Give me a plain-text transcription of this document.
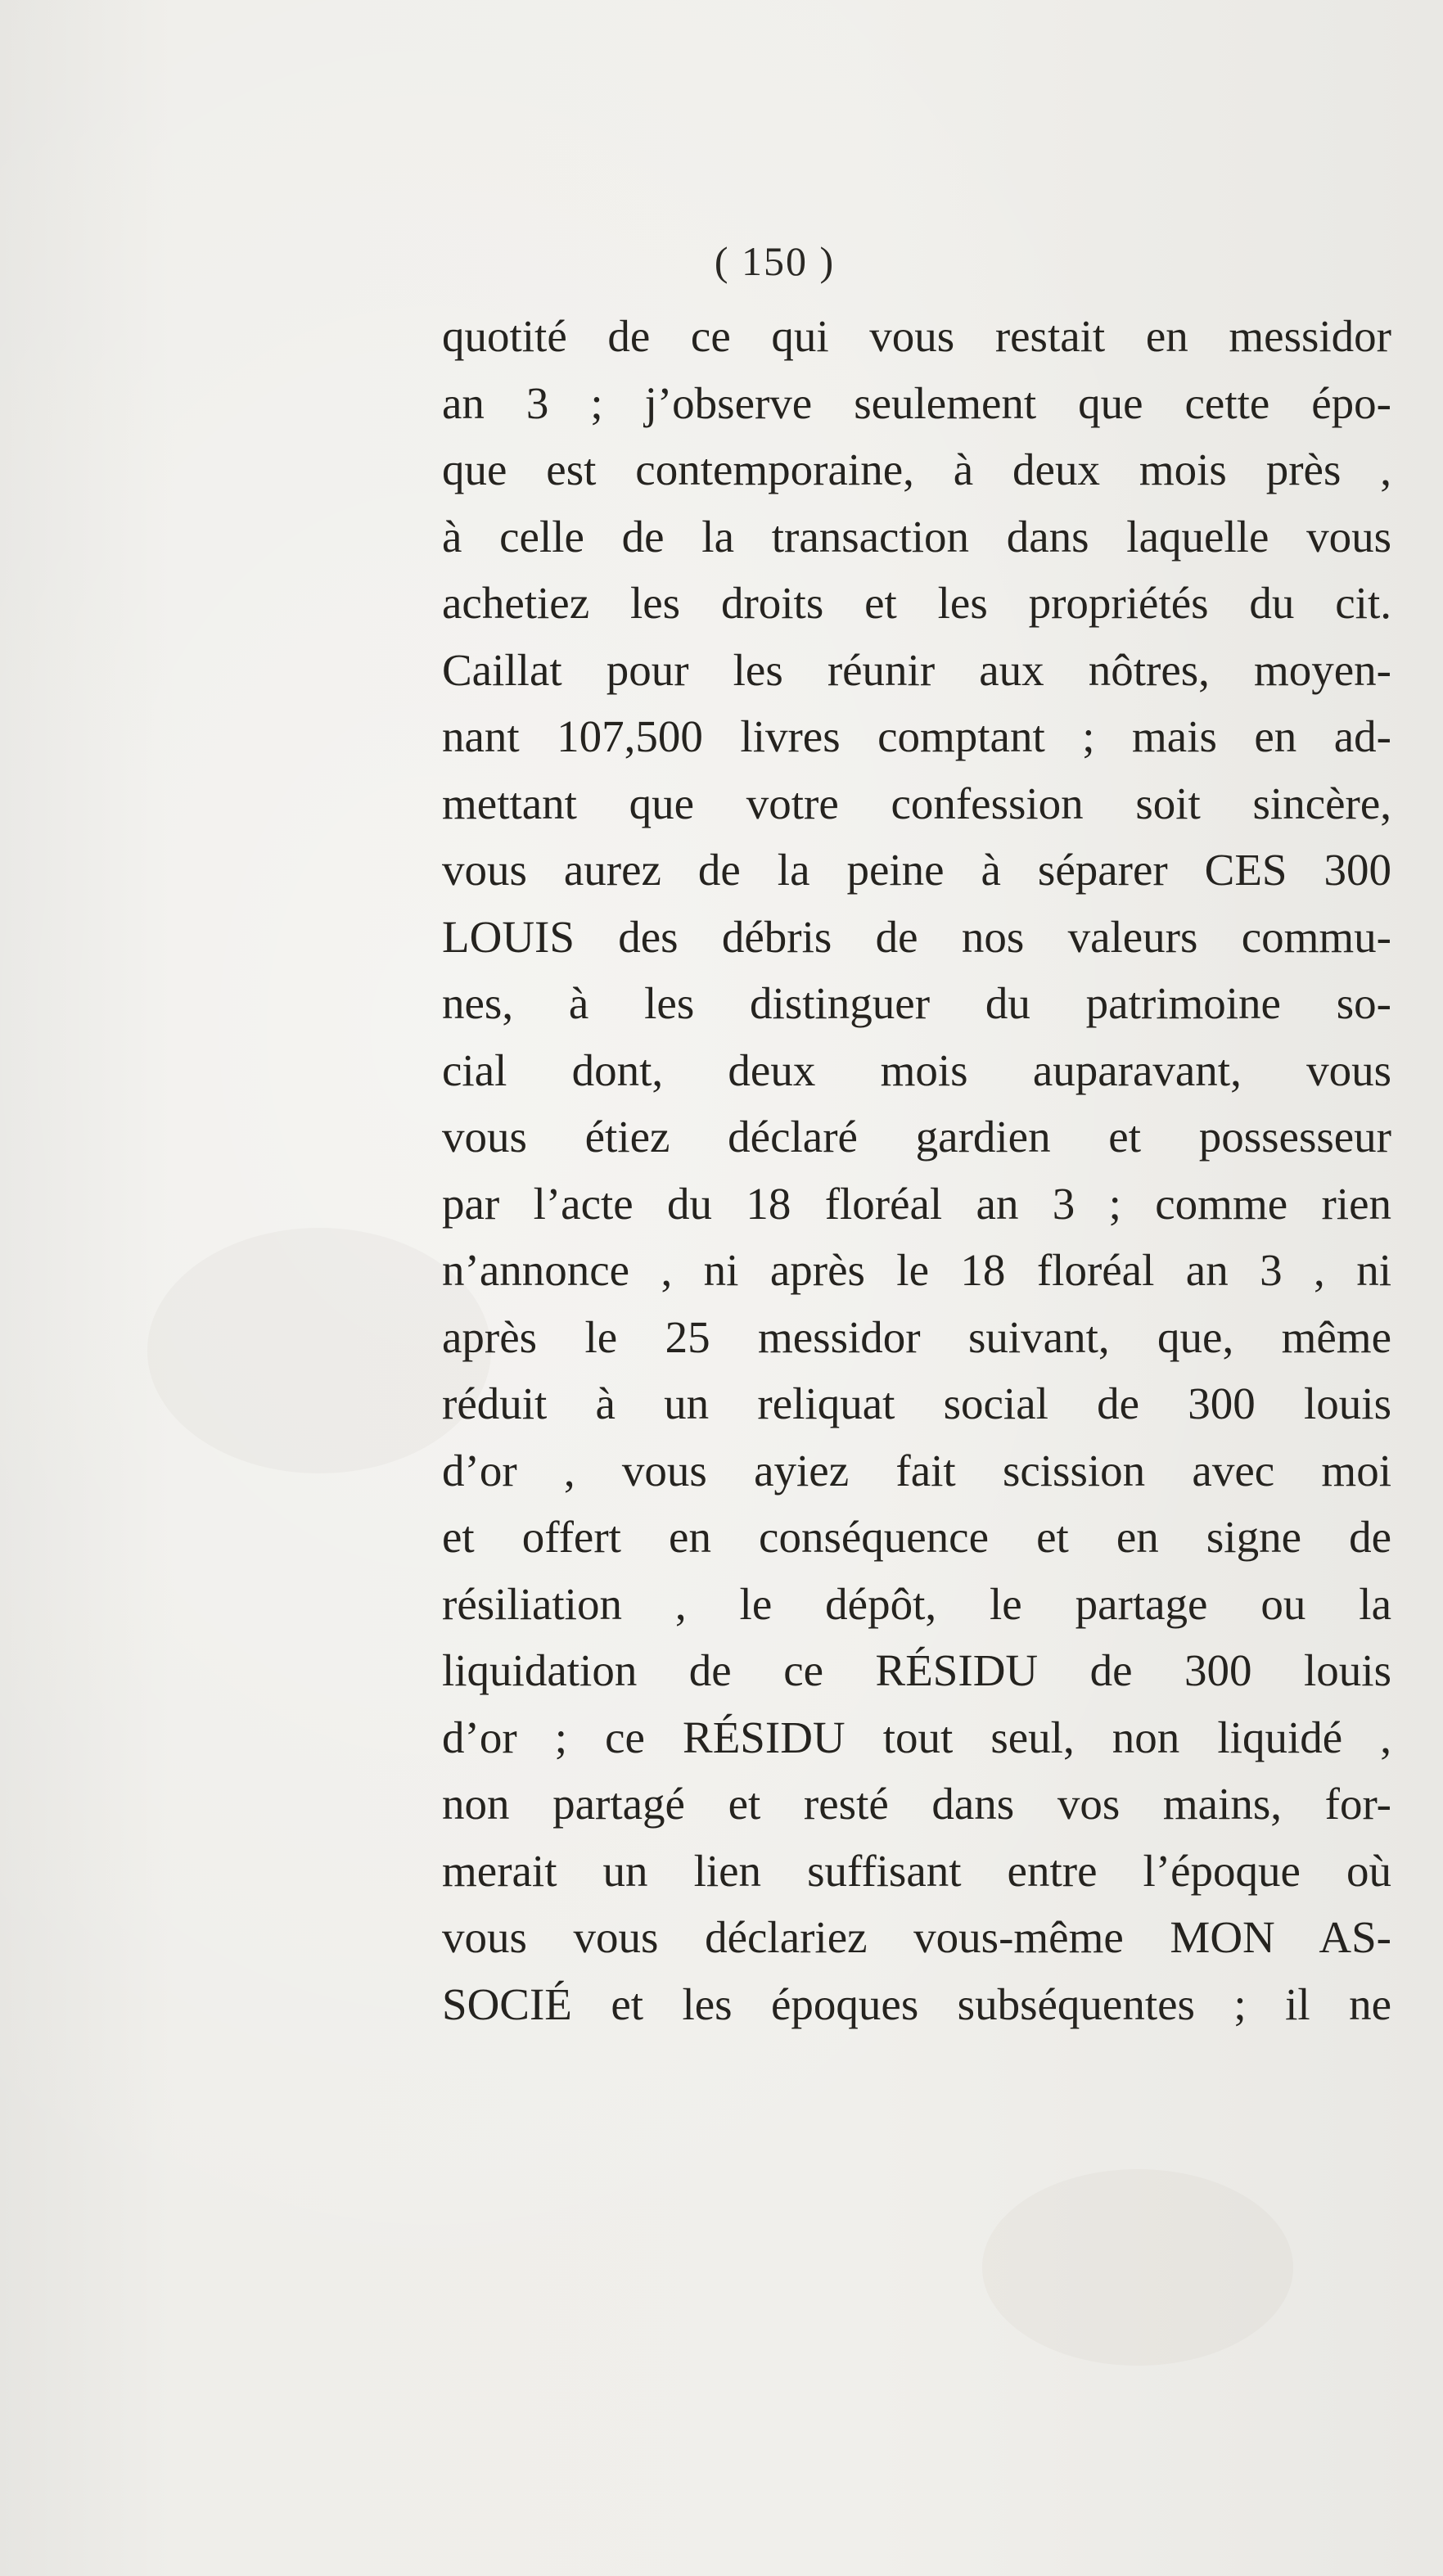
( 150 )
quotité de ce qui vous restait en messidor
an 3 ; j’observe seulement que cette épo-
que est contemporaine, à deux mois près ,
à celle de la transaction dans laquelle vous
achetiez les droits et les propriétés du cit.
Caillat pour les réunir aux nôtres, moyen-
nant 107,500 livres comptant ; mais en ad-
mettant que votre confession soit sincère,
vous aurez de la peine à séparer CES 300
LOUIS des débris de nos valeurs commu-
nes, à les distinguer du patrimoine so-
cial dont, deux mois auparavant, vous
vous étiez déclaré gardien et possesseur
par l’acte du 18 floréal an 3 ; comme rien
n’annonce , ni après le 18 floréal an 3 , ni
après le 25 messidor suivant, que, même
réduit à un reliquat social de 300 louis
d’or , vous ayiez fait scission avec moi
et offert en conséquence et en signe de
résiliation , le dépôt, le partage ou la
liquidation de ce RÉSIDU de 300 louis
d’or ; ce RÉSIDU tout seul, non liquidé ,
non partagé et resté dans vos mains, for-
merait un lien suffisant entre l’époque où
vous vous déclariez vous-même MON AS-
SOCIÉ et les époques subséquentes ; il ne
